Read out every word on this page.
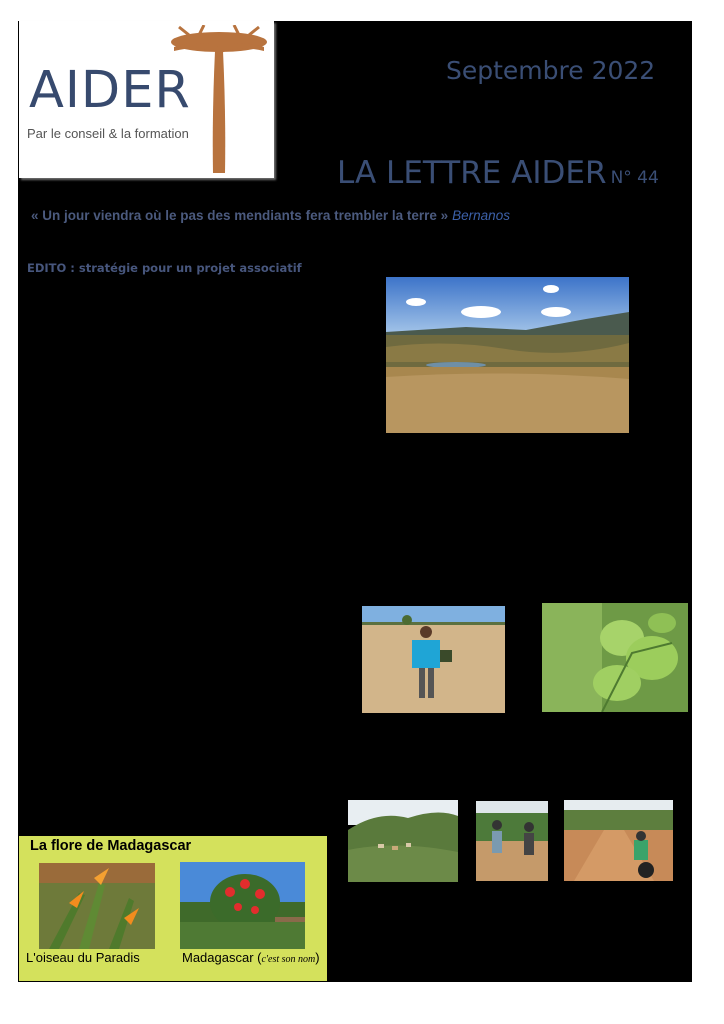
AIDER
Par le conseil & la formation
Septembre 2022
LA LETTRE AIDER N° 44
« Un jour viendra où le pas des mendiants fera trembler la terre » Bernanos
EDITO : stratégie pour un projet associatif
La flore de Madagascar
L'oiseau du Paradis	Madagascar (c'est son nom)
